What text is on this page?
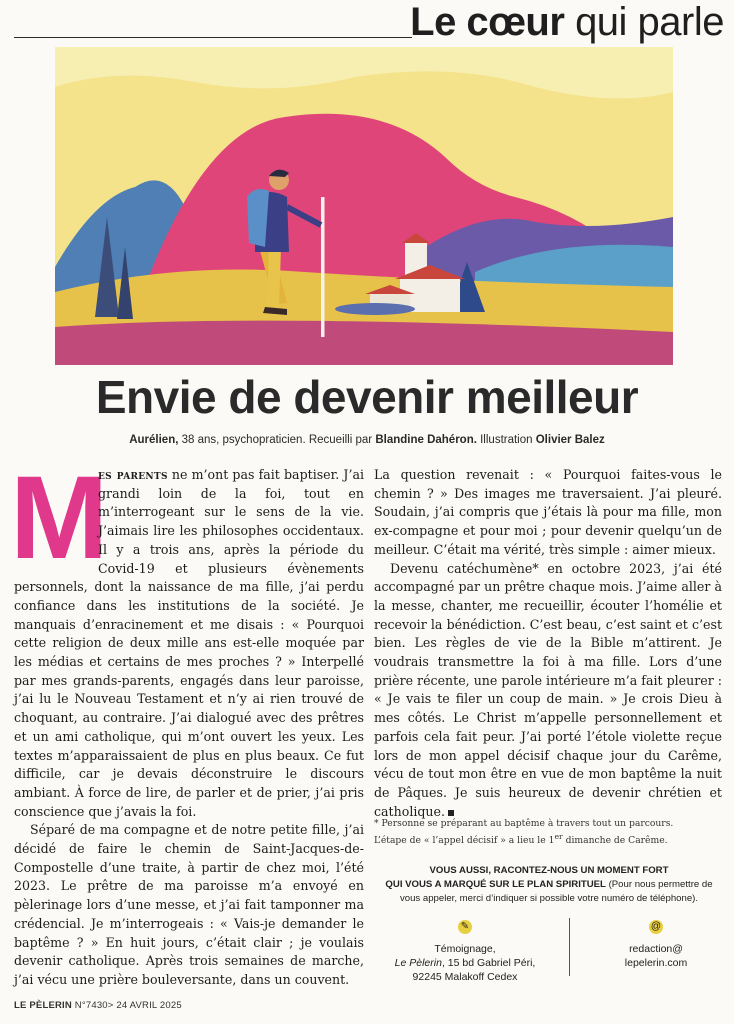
Le cœur qui parle
Envie de devenir meilleur
Aurélien, 38 ans, psychopraticien. Recueilli par Blandine Dahéron. Illustration Olivier Balez
M

es parents ne m’ont pas fait baptiser. J’ai grandi loin de la foi, tout en m’interrogeant sur le sens de la vie. J’aimais lire les philosophes occidentaux. Il y a trois ans, après la période du Covid-19 et plusieurs évènements personnels, dont la naissance de ma fille, j’ai perdu confiance dans les institutions de la société. Je manquais d’enracinement et me disais : « Pourquoi cette religion de deux mille ans est-elle moquée par les médias et certains de mes proches ? » Interpellé par mes grands-parents, engagés dans leur paroisse, j’ai lu le Nouveau Testament et n’y ai rien trouvé de choquant, au contraire. J’ai dialogué avec des prêtres et un ami catholique, qui m’ont ouvert les yeux. Les textes m’apparaissaient de plus en plus beaux. Ce fut difficile, car je devais déconstruire le discours ambiant. À force de lire, de parler et de prier, j’ai pris conscience que j’avais la foi.

Séparé de ma compagne et de notre petite fille, j’ai décidé de faire le chemin de Saint-Jacques-de-Compostelle d’une traite, à partir de chez moi, l’été 2023. Le prêtre de ma paroisse m’a envoyé en pèlerinage lors d’une messe, et j’ai fait tamponner ma crédencial. Je m’interrogeais : « Vais-je demander le baptême ? » En huit jours, c’était clair ; je voulais devenir catholique. Après trois semaines de marche, j’ai vécu une prière bouleversante, dans un couvent.

La question revenait : « Pourquoi faites-vous le chemin ? » Des images me traversaient. J’ai pleuré. Soudain, j’ai compris que j’étais là pour ma fille, mon ex-compagne et pour moi ; pour devenir quelqu’un de meilleur. C’était ma vérité, très simple : aimer mieux.

Devenu catéchumène* en octobre 2023, j’ai été accompagné par un prêtre chaque mois. J’aime aller à la messe, chanter, me recueillir, écouter l’homélie et recevoir la bénédiction. C’est beau, c’est saint et c’est bien. Les règles de vie de la Bible m’attirent. Je voudrais transmettre la foi à ma fille. Lors d’une prière récente, une parole intérieure m’a fait pleurer : « Je vais te filer un coup de main. » Je crois Dieu à mes côtés. Le Christ m’appelle personnellement et parfois cela fait peur. J’ai porté l’étole violette reçue lors de mon appel décisif chaque jour du Carême, vécu de tout mon être en vue de mon baptême la nuit de Pâques. Je suis heureux de devenir chrétien et catholique.

* Personne se préparant au baptême à travers tout un parcours.
L’étape de « l’appel décisif » a lieu le 1er dimanche de Carême.
VOUS AUSSI, RACONTEZ-NOUS UN MOMENT FORT
QUI VOUS A MARQUÉ SUR LE PLAN SPIRITUEL (Pour nous permettre de vous appeler, merci d’indiquer si possible votre numéro de téléphone).
✎
Témoignage,
Le Pèlerin, 15 bd Gabriel Péri,
92245 Malakoff Cedex
@
redaction@
lepelerin.com
LE PÈLERIN N°7430> 24 AVRIL 2025
